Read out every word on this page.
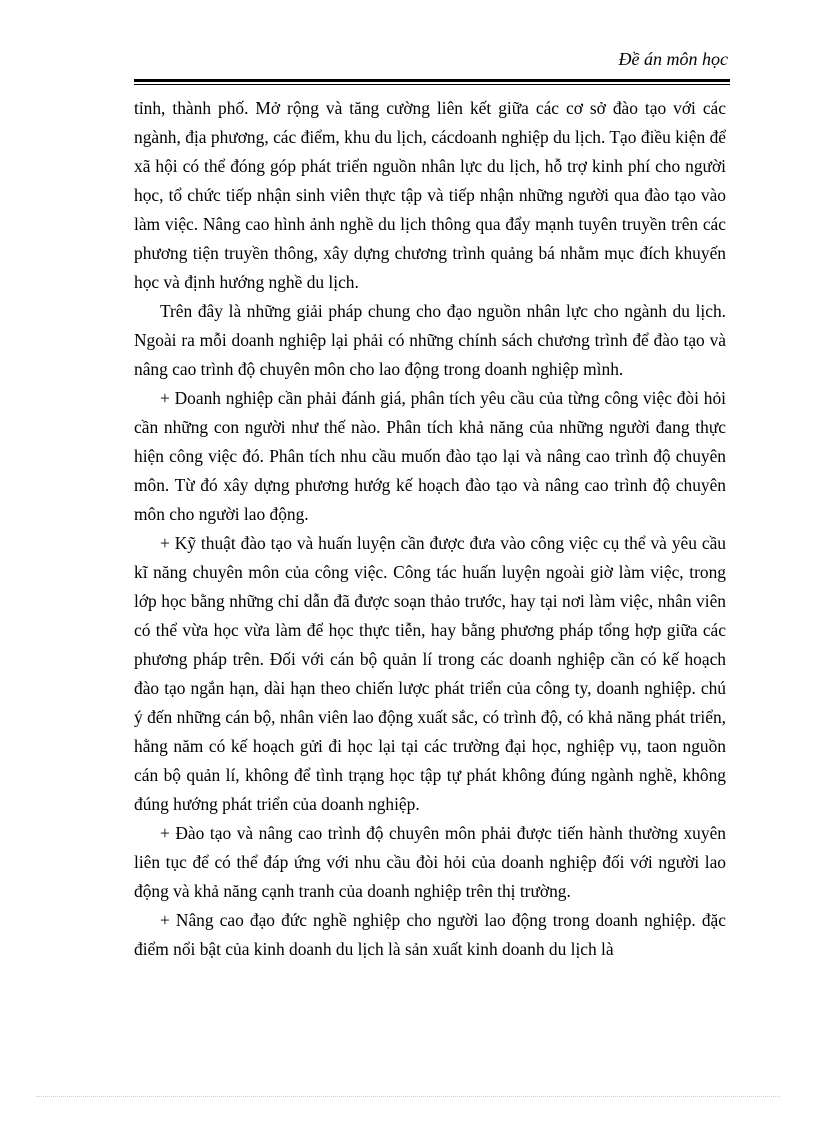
Đề án môn học

tỉnh, thành phố. Mở rộng và tăng cường liên kết giữa các cơ sở đào tạo với các ngành, địa phương, các điểm, khu du lịch, cácdoanh nghiệp du lịch. Tạo điều kiện để xã hội có thể đóng góp phát triển nguồn nhân lực du lịch, hỗ trợ kinh phí cho người học, tổ chức tiếp nhận sinh viên thực tập và tiếp nhận những người qua đào tạo vào làm việc. Nâng cao hình ảnh nghề du lịch thông qua đẩy mạnh tuyên truyền trên các phương tiện truyền thông, xây dựng chương trình quảng bá nhằm mục đích khuyến học và định hướng nghề du lịch.

Trên đây là những giải pháp chung cho đạo nguồn nhân lực cho ngành du lịch. Ngoài ra mỗi doanh nghiệp lại phải có những chính sách chương trình để đào tạo và nâng cao trình độ chuyên môn cho lao động trong doanh nghiệp mình.

+ Doanh nghiệp cần phải đánh giá, phân tích yêu cầu của từng công việc đòi hỏi cần những con người như thế nào. Phân tích khả năng của những người đang thực hiện công việc đó. Phân tích nhu cầu muốn đào tạo lại và nâng cao trình độ chuyên môn. Từ đó xây dựng phương hướg kế hoạch đào tạo và nâng cao trình độ chuyên môn cho người lao động.

+ Kỹ thuật đào tạo và huấn luyện cần được đưa vào công việc cụ thể và yêu cầu kĩ năng chuyên môn của công việc. Công tác huấn luyện ngoài giờ làm việc, trong lớp học bằng những chỉ dẫn đã được soạn thảo trước, hay tại nơi làm việc, nhân viên có thể vừa học vừa làm để học thực tiễn, hay bằng phương pháp tổng hợp giữa các phương pháp trên. Đối với cán bộ quản lí trong các doanh nghiệp cần có kế hoạch đào tạo ngắn hạn, dài hạn theo chiến lược phát triển của công ty, doanh nghiệp. chú ý đến những cán bộ, nhân viên lao động xuất sắc, có trình độ, có khả năng phát triển, hằng năm có kế hoạch gửi đi học lại tại các trường đại học, nghiệp vụ, taon nguồn cán bộ quản lí, không để tình trạng học tập tự phát không đúng ngành nghề, không đúng hướng phát triển của doanh nghiệp.

+ Đào tạo và nâng cao trình độ chuyên môn phải được tiến hành thường xuyên liên tục để có thể đáp ứng với nhu cầu đòi hỏi của doanh nghiệp đối với người lao động và khả năng cạnh tranh của doanh nghiệp trên thị trường.

+ Nâng cao đạo đức nghề nghiệp cho người lao động trong doanh nghiệp. đặc điểm nổi bật của kinh doanh du lịch là sản xuất kinh doanh du lịch là
